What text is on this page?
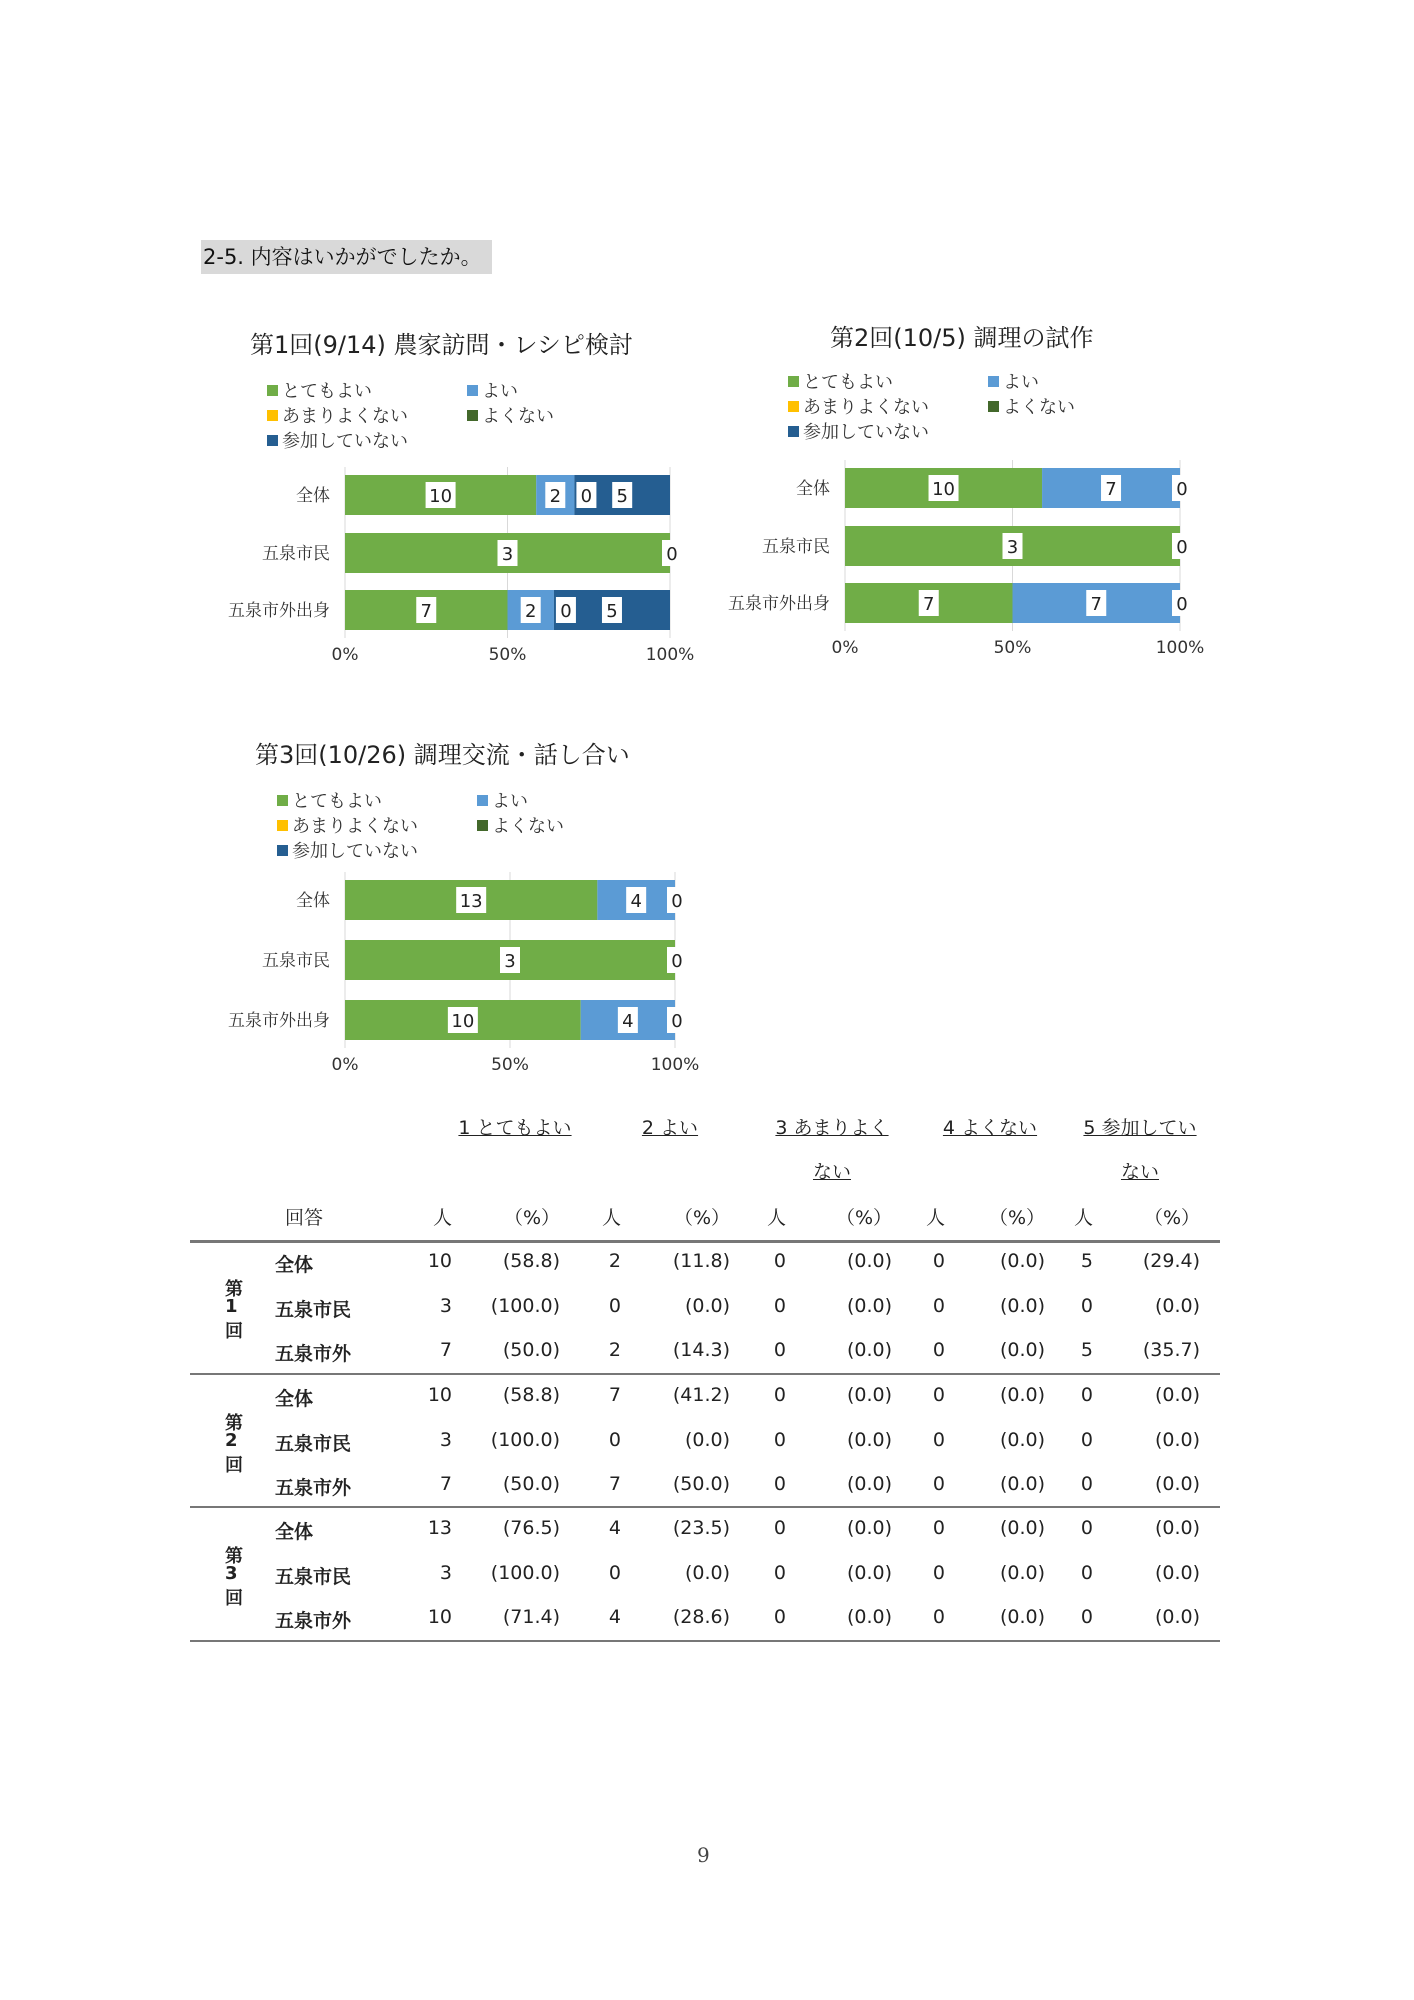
2-5. 内容はいかがでしたか。
第1回(9/14) 農家訪問・レシピ検討
とてもよい	よい
あまりよくない	よくない
参加していない
0%	50%	100%
全体	10	2 0 5
五泉市民	3	0
五泉市外出身	7	2 0 5
第2回(10/5) 調理の試作
とてもよい	よい
あまりよくない	よくない
参加していない
0%	50%	100%
全体	10	7	0
五泉市民	3	0
五泉市外出身	7	7	0
第3回(10/26) 調理交流・話し合い
とてもよい	よい
あまりよくない	よくない
参加していない
0%	50%	100%
全体	13	4 0
五泉市民	3	0
五泉市外出身	10	4 0
1 とてもよい	2 よい	3 あまりよく	4 よくない	5 参加してい
ない	ない
回答	人	（%） 人	（%） 人	（%） 人 （%） 人	（%）
第
1
回
全体	10	(58.8)	2	(11.8) 0	(0.0) 0	(0.0) 5	(29.4)
五泉市民	3 (100.0)	0	(0.0) 0	(0.0) 0	(0.0) 0	(0.0)
五泉市外	7	(50.0)	2	(14.3) 0	(0.0) 0	(0.0) 5	(35.7)
第
2
回
全体	10	(58.8)	7	(41.2) 0	(0.0) 0	(0.0) 0	(0.0)
五泉市民	3 (100.0)	0	(0.0) 0	(0.0) 0	(0.0) 0	(0.0)
五泉市外	7	(50.0)	7	(50.0) 0	(0.0) 0	(0.0) 0	(0.0)
第
3
回
全体	13	(76.5)	4	(23.5) 0	(0.0) 0	(0.0) 0	(0.0)
五泉市民	3 (100.0)	0	(0.0) 0	(0.0) 0	(0.0) 0	(0.0)
五泉市外	10	(71.4)	4	(28.6) 0	(0.0) 0	(0.0) 0	(0.0)
9
